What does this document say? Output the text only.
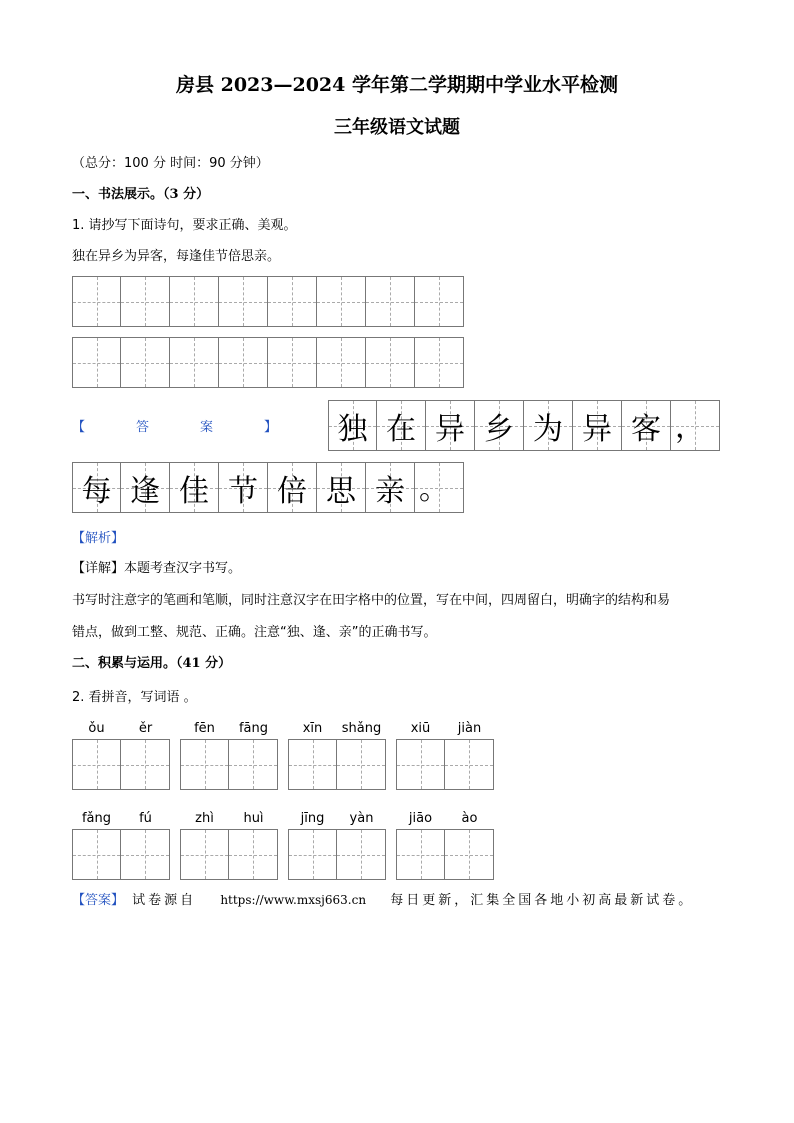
房县 2023—2024 学年第二学期期中学业水平检测
三年级语文试题
（总分：100 分 时间：90 分钟）
一、书法展示。（3 分）
1. 请抄写下面诗句，要求正确、美观。
独在异乡为异客，每逢佳节倍思亲。
【	答	案	】 独 在 异 乡 为 异 客 ，
每 逢 佳 节 倍 思 亲 。
【解析】
【详解】本题考查汉字书写。
书写时注意字的笔画和笔顺，同时注意汉字在田字格中的位置，写在中间，四周留白，明确字的结构和易
错点，做到工整、规范、正确。注意“独、逢、亲”的正确书写。
二、积累与运用。（41 分）
2. 看拼音，写词语 。
ǒu	ěr	fēn	fāng	xīn	shǎng	xiū	jiàn
fǎng	fú	zhì	huì	jīng	yàn	jiāo	ào
【答案】 试卷源自 https://www.mxsj663.cn 每日更新，汇集全国各地小初高最新试卷。
